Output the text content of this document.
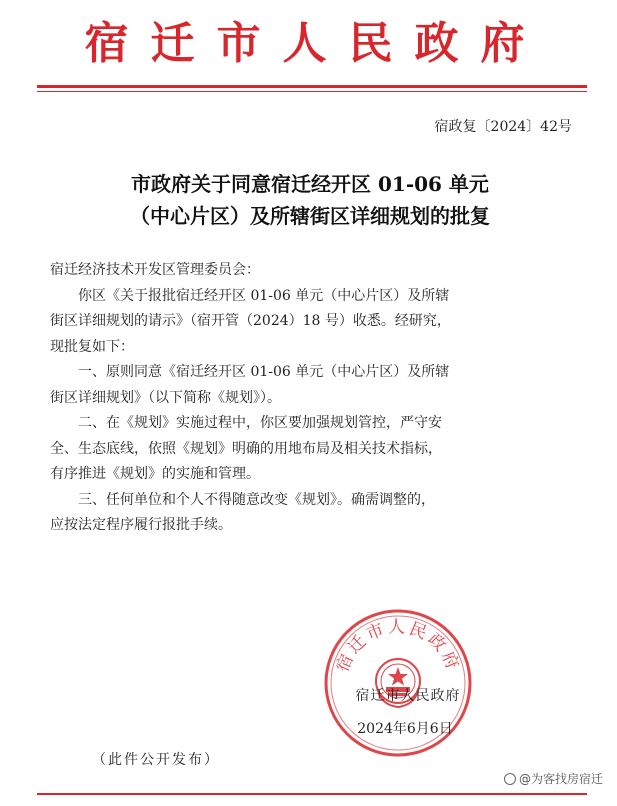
宿迁市人民政府
宿政复〔2024〕42号
市政府关于同意宿迁经开区 01-06 单元
（中心片区）及所辖街区详细规划的批复

宿迁经济技术开发区管理委员会：

你区《关于报批宿迁经开区 01-06 单元（中心片区）及所辖

街区详细规划的请示》（宿开管（2024）18 号）收悉。经研究，
现批复如下：

一、原则同意《宿迁经开区 01-06 单元（中心片区）及所辖

街区详细规划》（以下简称《规划》）。

二、在《规划》实施过程中，你区要加强规划管控，严守安

全、生态底线，依照《规划》明确的用地布局及相关技术指标，
有序推进《规划》的实施和管理。

三、任何单位和个人不得随意改变《规划》。确需调整的，

应按法定程序履行报批手续。

宿迁市人民政府
宿迁市人民政府
2024年6月6日
（此件公开发布）
@为客找房宿迁
